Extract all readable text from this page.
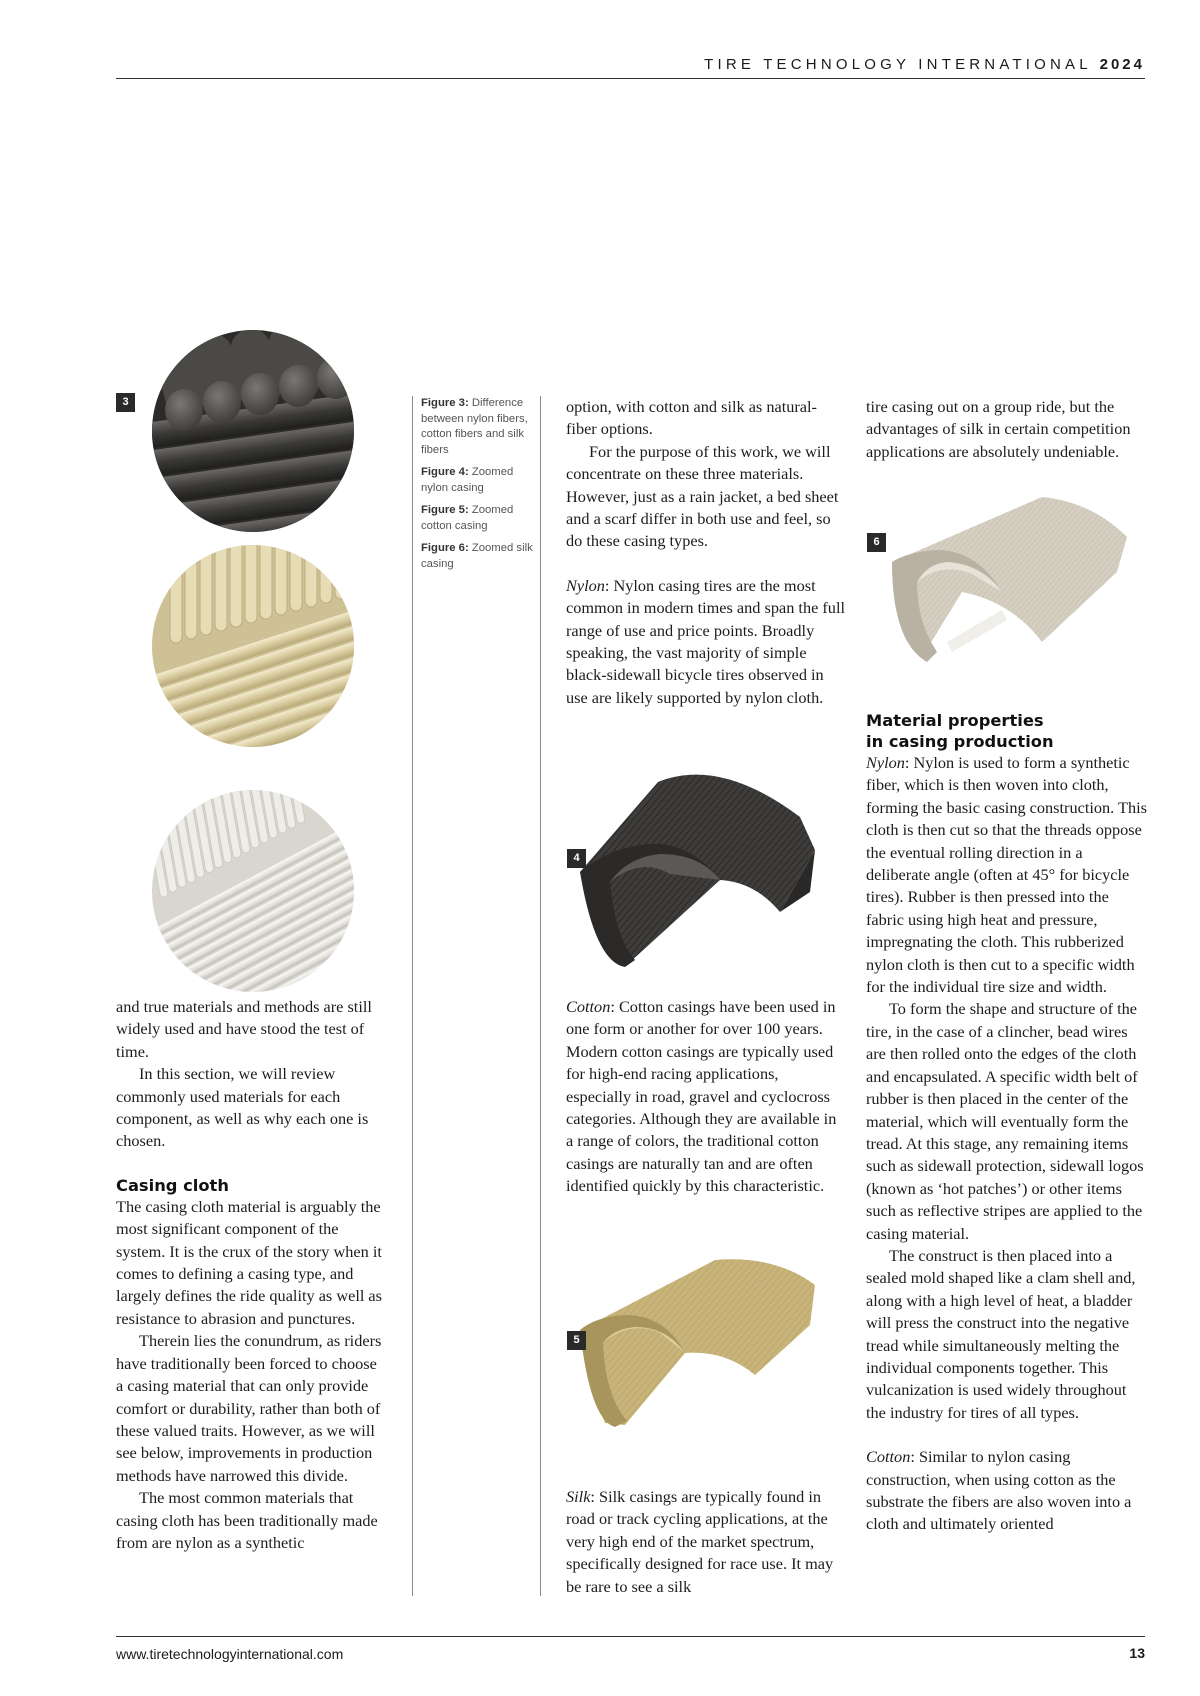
TIRE TECHNOLOGY INTERNATIONAL 2024
3

and true materials and methods are still widely used and have stood the test of time.

In this section, we will review commonly used materials for each component, as well as why each one is chosen.

Casing cloth

The casing cloth material is arguably the most significant component of the system. It is the crux of the story when it comes to defining a casing type, and largely defines the ride quality as well as resistance to abrasion and punctures.

Therein lies the conundrum, as riders have traditionally been forced to choose a casing material that can only provide comfort or durability, rather than both of these valued traits. However, as we will see below, improvements in production methods have narrowed this divide.

The most common materials that casing cloth has been traditionally made from are nylon as a synthetic

Figure 3: Difference between nylon fibers, cotton fibers and silk fibers

Figure 4: Zoomed nylon casing

Figure 5: Zoomed cotton casing

Figure 6: Zoomed silk casing

option, with cotton and silk as natural-fiber options.

For the purpose of this work, we will concentrate on these three materials. However, just as a rain jacket, a bed sheet and a scarf differ in both use and feel, so do these casing types.

Nylon: Nylon casing tires are the most common in modern times and span the full range of use and price points. Broadly speaking, the vast majority of simple black-sidewall bicycle tires observed in use are likely supported by nylon cloth.

4

Cotton: Cotton casings have been used in one form or another for over 100 years. Modern cotton casings are typically used for high-end racing applications, especially in road, gravel and cyclocross categories. Although they are available in a range of colors, the traditional cotton casings are naturally tan and are often identified quickly by this characteristic.

5

Silk: Silk casings are typically found in road or track cycling applications, at the very high end of the market spectrum, specifically designed for race use. It may be rare to see a silk

tire casing out on a group ride, but the advantages of silk in certain competition applications are absolutely undeniable.

6
Material properties
in casing production

Nylon: Nylon is used to form a synthetic fiber, which is then woven into cloth, forming the basic casing construction. This cloth is then cut so that the threads oppose the eventual rolling direction in a deliberate angle (often at 45° for bicycle tires). Rubber is then pressed into the fabric using high heat and pressure, impregnating the cloth. This rubberized nylon cloth is then cut to a specific width for the individual tire size and width.

To form the shape and structure of the tire, in the case of a clincher, bead wires are then rolled onto the edges of the cloth and encapsulated. A specific width belt of rubber is then placed in the center of the material, which will eventually form the tread. At this stage, any remaining items such as sidewall protection, sidewall logos (known as ‘hot patches’) or other items such as reflective stripes are applied to the casing material.

The construct is then placed into a sealed mold shaped like a clam shell and, along with a high level of heat, a bladder will press the construct into the negative tread while simultaneously melting the individual components together. This vulcanization is used widely throughout the industry for tires of all types.

Cotton: Similar to nylon casing construction, when using cotton as the substrate the fibers are also woven into a cloth and ultimately oriented

www.tiretechnologyinternational.com	13
